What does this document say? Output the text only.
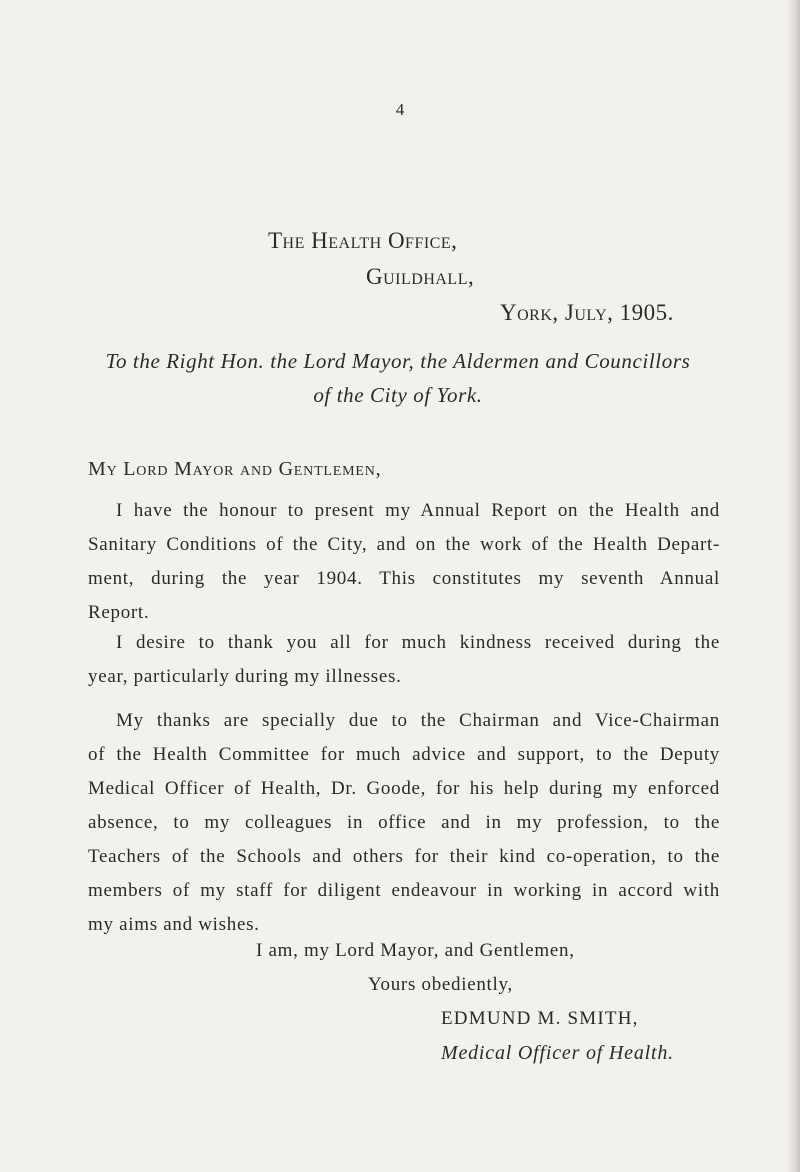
4
The Health Office,
Guildhall,
York, July, 1905.
To the Right Hon. the Lord Mayor, the Aldermen and Councillors
of the City of York.
My Lord Mayor and Gentlemen,
I have the honour to present my Annual Report on the Health and
Sanitary Conditions of the City, and on the work of the Health Depart-
ment, during the year 1904. This constitutes my seventh Annual
Report.
I desire to thank you all for much kindness received during the
year, particularly during my illnesses.
My thanks are specially due to the Chairman and Vice-Chairman
of the Health Committee for much advice and support, to the Deputy
Medical Officer of Health, Dr. Goode, for his help during my enforced
absence, to my colleagues in office and in my profession, to the
Teachers of the Schools and others for their kind co-operation, to the
members of my staff for diligent endeavour in working in accord with
my aims and wishes.
I am, my Lord Mayor, and Gentlemen,
Yours obediently,
EDMUND M. SMITH,
Medical Officer of Health.
